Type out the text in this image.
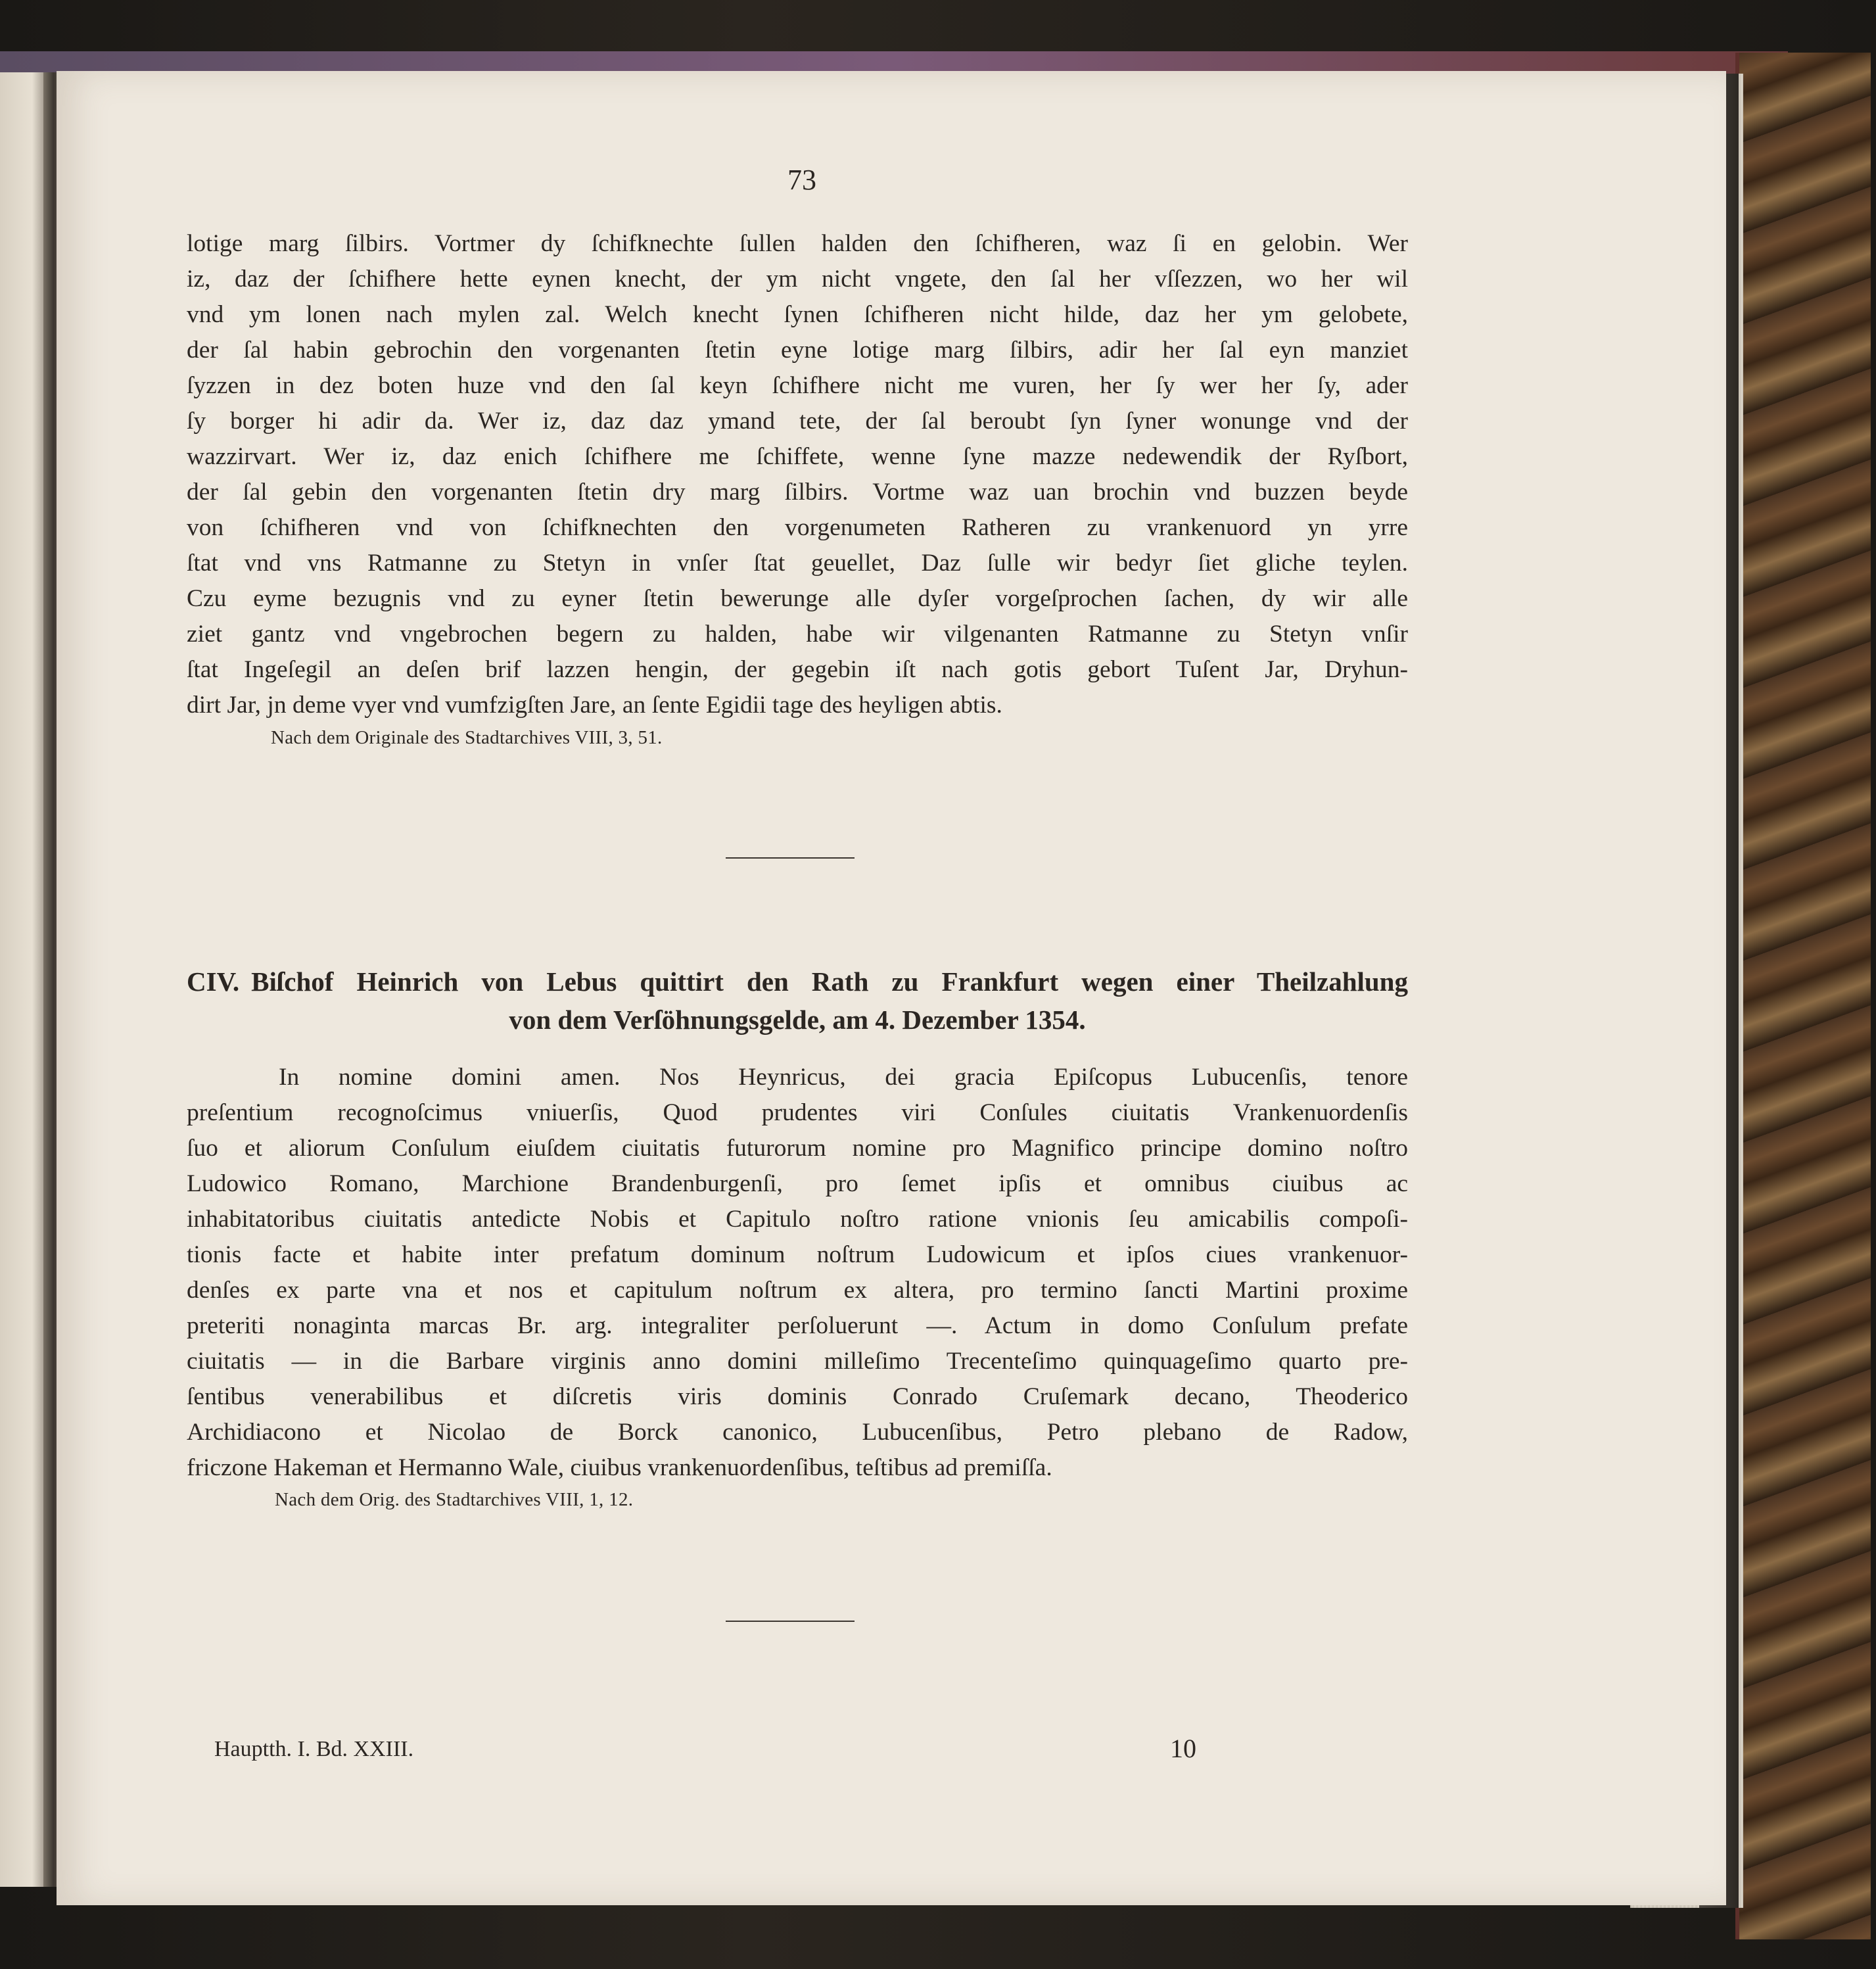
73
lotige marg ſilbirs. Vortmer dy ſchifknechte ſullen halden den ſchifheren, waz ſi en gelobin. Wer
iz, daz der ſchifhere hette eynen knecht, der ym nicht vngete, den ſal her vſſezzen, wo her wil
vnd ym lonen nach mylen zal. Welch knecht ſynen ſchifheren nicht hilde, daz her ym gelobete,
der ſal habin gebrochin den vorgenanten ſtetin eyne lotige marg ſilbirs, adir her ſal eyn manziet
ſyzzen in dez boten huze vnd den ſal keyn ſchifhere nicht me vuren, her ſy wer her ſy, ader
ſy borger hi adir da. Wer iz, daz daz ymand tete, der ſal beroubt ſyn ſyner wonunge vnd der
wazzirvart. Wer iz, daz enich ſchifhere me ſchiffete, wenne ſyne mazze nedewendik der Ryſbort,
der ſal gebin den vorgenanten ſtetin dry marg ſilbirs. Vortme waz uan brochin vnd buzzen beyde
von ſchifheren vnd von ſchifknechten den vorgenumeten Ratheren zu vrankenuord yn yrre
ſtat vnd vns Ratmanne zu Stetyn in vnſer ſtat geuellet, Daz ſulle wir bedyr ſiet gliche teylen.
Czu eyme bezugnis vnd zu eyner ſtetin bewerunge alle dyſer vorgeſprochen ſachen, dy wir alle
ziet gantz vnd vngebrochen begern zu halden, habe wir vilgenanten Ratmanne zu Stetyn vnſir
ſtat Ingeſegil an deſen brif lazzen hengin, der gegebin iſt nach gotis gebort Tuſent Jar, Dryhun-
dirt Jar, jn deme vyer vnd vumfzigſten Jare, an ſente Egidii tage des heyligen abtis.
Nach dem Originale des Stadtarchives VIII, 3, 51.
CIV. Biſchof Heinrich von Lebus quittirt den Rath zu Frankfurt wegen einer Theilzahlung
von dem Verſöhnungsgelde, am 4. Dezember 1354.
In nomine domini amen. Nos Heynricus, dei gracia Epiſcopus Lubucenſis, tenore
preſentium recognoſcimus vniuerſis, Quod prudentes viri Conſules ciuitatis Vrankenuordenſis
ſuo et aliorum Conſulum eiuſdem ciuitatis futurorum nomine pro Magnifico principe domino noſtro
Ludowico Romano, Marchione Brandenburgenſi, pro ſemet ipſis et omnibus ciuibus ac
inhabitatoribus ciuitatis antedicte Nobis et Capitulo noſtro ratione vnionis ſeu amicabilis compoſi-
tionis facte et habite inter prefatum dominum noſtrum Ludowicum et ipſos ciues vrankenuor-
denſes ex parte vna et nos et capitulum noſtrum ex altera, pro termino ſancti Martini proxime
preteriti nonaginta marcas Br. arg. integraliter perſoluerunt —. Actum in domo Conſulum prefate
ciuitatis — in die Barbare virginis anno domini milleſimo Trecenteſimo quinquageſimo quarto pre-
ſentibus venerabilibus et diſcretis viris dominis Conrado Cruſemark decano, Theoderico
Archidiacono et Nicolao de Borck canonico, Lubucenſibus, Petro plebano de Radow,
friczone Hakeman et Hermanno Wale, ciuibus vrankenuordenſibus, teſtibus ad premiſſa.
Nach dem Orig. des Stadtarchives VIII, 1, 12.
Hauptth. I. Bd. XXIII.	10
